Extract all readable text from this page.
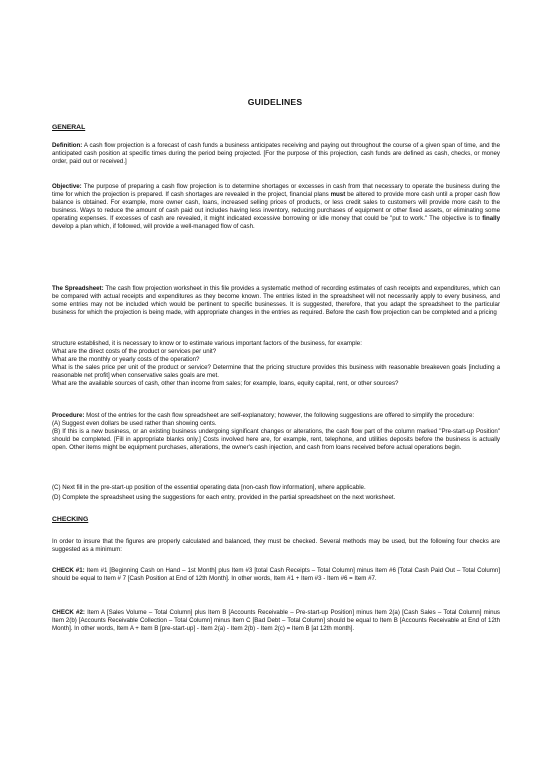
GUIDELINES
GENERAL
Definition: A cash flow projection is a forecast of cash funds a business anticipates receiving and paying out throughout the course of a given span of time, and the anticipated cash position at specific times during the period being projected. [For the purpose of this projection, cash funds are defined as cash, checks, or money order, paid out or received.]
Objective: The purpose of preparing a cash flow projection is to determine shortages or excesses in cash from that necessary to operate the business during the time for which the projection is prepared. If cash shortages are revealed in the project, financial plans must be altered to provide more cash until a proper cash flow balance is obtained. For example, more owner cash, loans, increased selling prices of products, or less credit sales to customers will provide more cash to the business. Ways to reduce the amount of cash paid out includes having less inventory, reducing purchases of equipment or other fixed assets, or eliminating some operating expenses. If excesses of cash are revealed, it might indicated excessive borrowing or idle money that could be "put to work." The objective is to finally develop a plan which, if followed, will provide a well-managed flow of cash.
The Spreadsheet: The cash flow projection worksheet in this file provides a systematic method of recording estimates of cash receipts and expenditures, which can be compared with actual receipts and expenditures as they become known. The entries listed in the spreadsheet will not necessarily apply to every business, and some entries may not be included which would be pertinent to specific businesses. It is suggested, therefore, that you adapt the spreadsheet to the particular business for which the projection is being made, with appropriate changes in the entries as required. Before the cash flow projection can be completed and a pricing
structure established, it is necessary to know or to estimate various important factors of the business, for example:
What are the direct costs of the product or services per unit?
What are the monthly or yearly costs of the operation?
What is the sales price per unit of the product or service? Determine that the pricing structure provides this business with reasonable breakeven goals [including a reasonable net profit] when conservative sales goals are met.
What are the available sources of cash, other than income from sales; for example, loans, equity capital, rent, or other sources?
Procedure: Most of the entries for the cash flow spreadsheet are self-explanatory; however, the following suggestions are offered to simplify the procedure:
(A) Suggest even dollars be used rather than showing cents.
(B) If this is a new business, or an existing business undergoing significant changes or alterations, the cash flow part of the column marked "Pre-start-up Position" should be completed. [Fill in appropriate blanks only.] Costs involved here are, for example, rent, telephone, and utilities deposits before the business is actually open. Other items might be equipment purchases, alterations, the owner's cash injection, and cash from loans received before actual operations begin.
(C) Next fill in the pre-start-up position of the essential operating data [non-cash flow information], where applicable.
(D) Complete the spreadsheet using the suggestions for each entry, provided in the partial spreadsheet on the next worksheet.
CHECKING
In order to insure that the figures are properly calculated and balanced, they must be checked. Several methods may be used, but the following four checks are suggested as a minimum:
CHECK #1: Item #1 [Beginning Cash on Hand – 1st Month] plus Item #3 [total Cash Receipts – Total Column] minus Item #6 [Total Cash Paid Out – Total Column] should be equal to Item # 7 [Cash Position at End of 12th Month]. In other words, Item #1 + Item #3 - Item #6 = Item #7.
CHECK #2: Item A [Sales Volume – Total Column] plus Item B [Accounts Receivable – Pre-start-up Position] minus Item 2(a) [Cash Sales – Total Column] minus Item 2(b) [Accounts Receivable Collection – Total Column] minus Item C [Bad Debt – Total Column] should be equal to Item B [Accounts Receivable at End of 12th Month]. In other words, Item A + Item B [pre-start-up] - Item 2(a) - Item 2(b) - Item 2(c) = Item B [at 12th month].
